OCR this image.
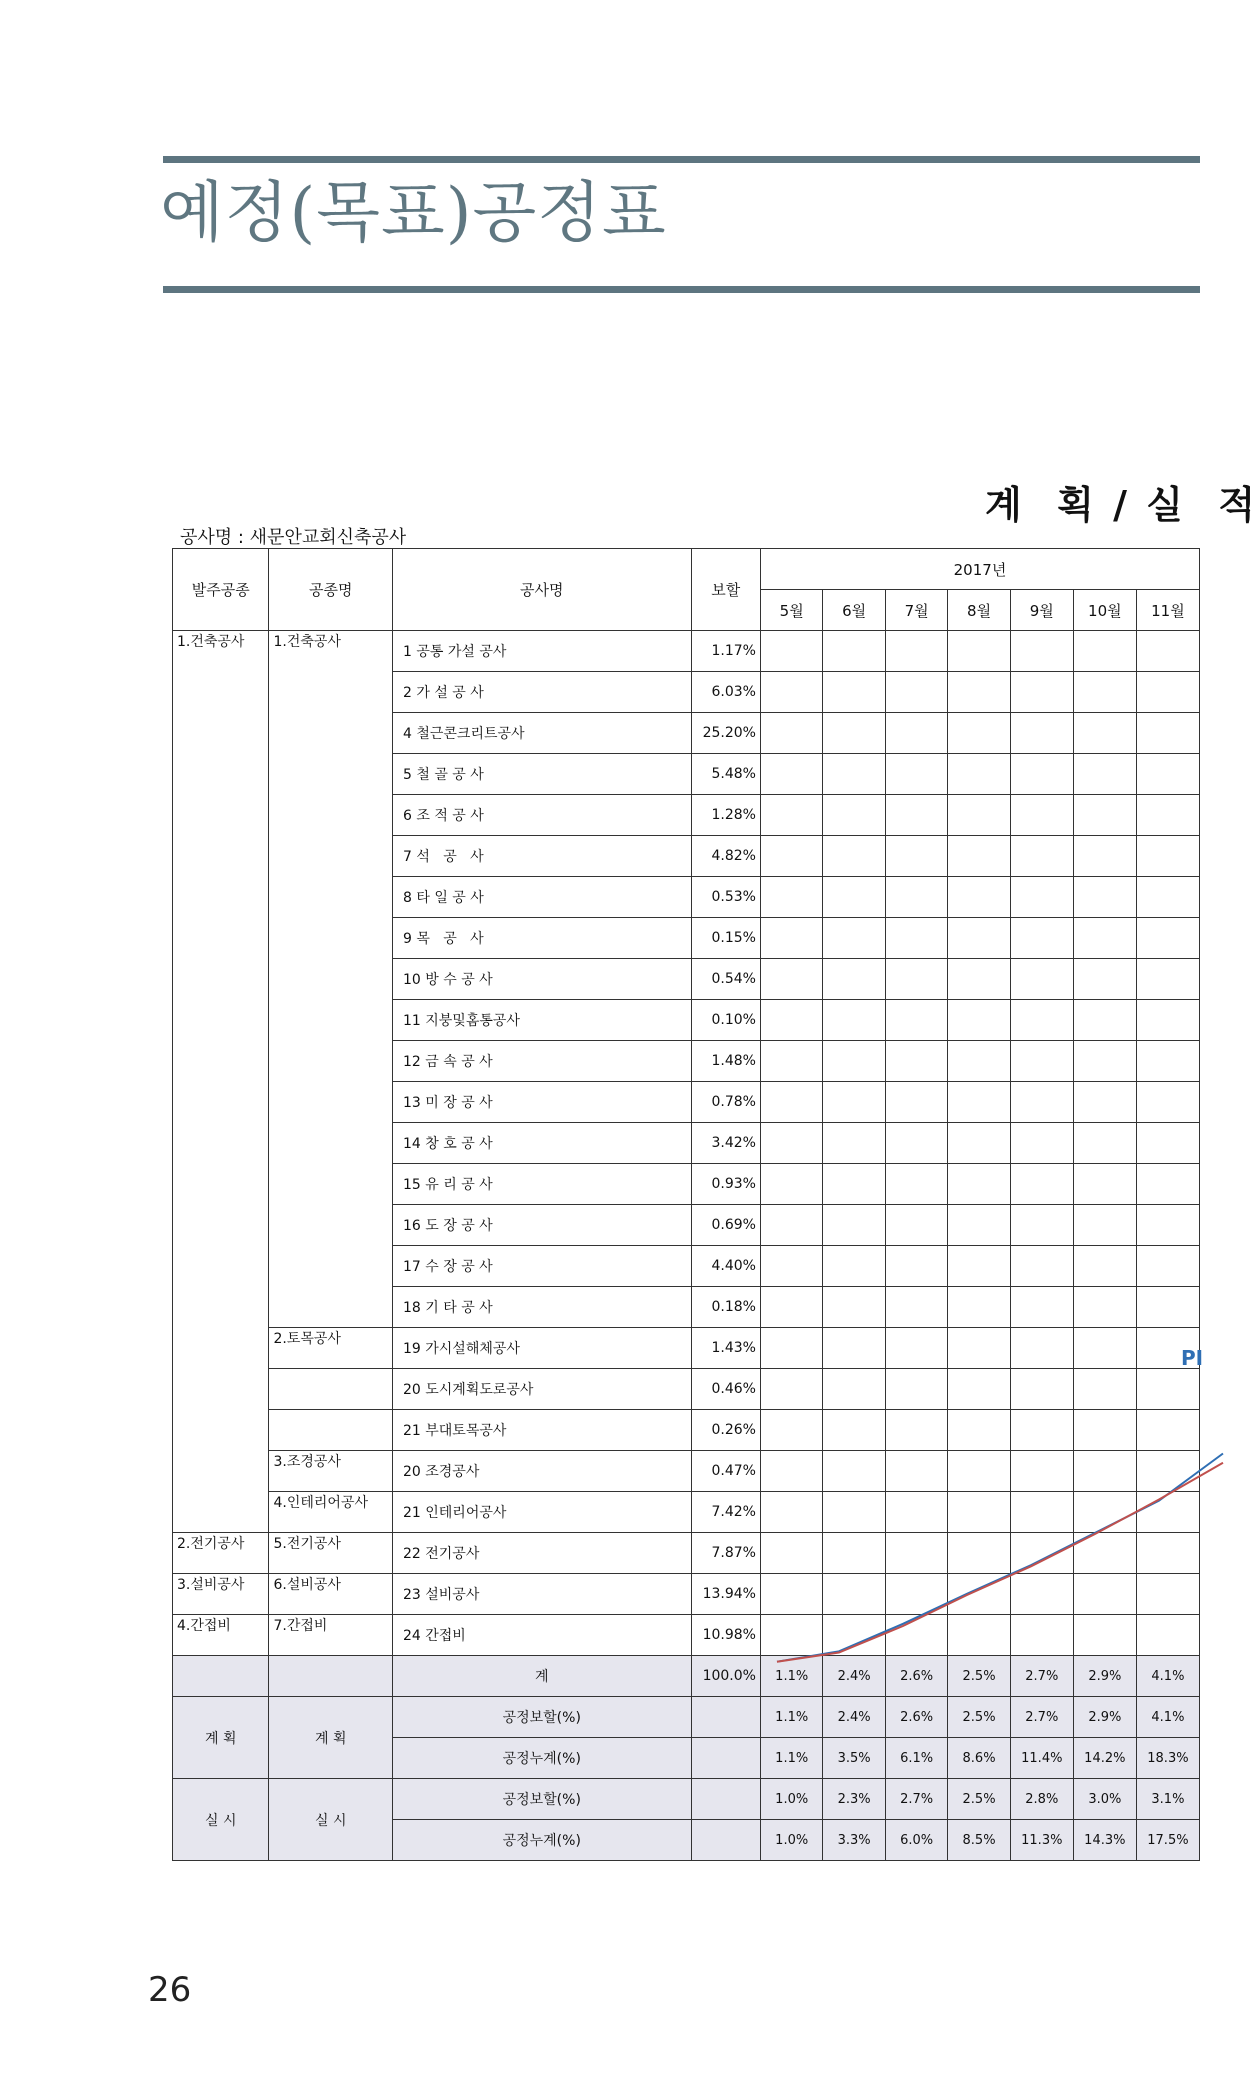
예정(목표)공정표
계  획 / 실  적
공사명 : 새문안교회신축공사
발주공종	공종명	공사명	보할	2017년						
				5월	6월	7월	8월	9월	10월	11월
1.건축공사	1.건축공사	1 공통 가설 공사	1.17%							
		2 가 설 공 사	6.03%							
		4 철근콘크리트공사	25.20%							
		5 철 골 공 사	5.48%							
		6 조 적 공 사	1.28%							
		7 석   공   사	4.82%							
		8 타 일 공 사	0.53%							
		9 목   공   사	0.15%							
		10 방 수 공 사	0.54%							
		11 지붕및홈통공사	0.10%							
		12 금 속 공 사	1.48%							
		13 미 장 공 사	0.78%							
		14 창 호 공 사	3.42%							
		15 유 리 공 사	0.93%							
		16 도 장 공 사	0.69%							
		17 수 장 공 사	4.40%							
		18 기 타 공 사	0.18%							
	2.토목공사	19 가시설해체공사	1.43%							
		20 도시계획도로공사	0.46%							
		21 부대토목공사	0.26%							
	3.조경공사	20 조경공사	0.47%							
	4.인테리어공사	21 인테리어공사	7.42%							
2.전기공사	5.전기공사	22 전기공사	7.87%							
3.설비공사	6.설비공사	23 설비공사	13.94%							
4.간접비	7.간접비	24 간접비	10.98%							
		계	100.0%	1.1%	2.4%	2.6%	2.5%	2.7%	2.9%	4.1%
계 획	계 획	공정보할(%)		1.1%	2.4%	2.6%	2.5%	2.7%	2.9%	4.1%
		공정누계(%)		1.1%	3.5%	6.1%	8.6%	11.4%	14.2%	18.3%
실 시	실 시	공정보할(%)		1.0%	2.3%	2.7%	2.5%	2.8%	3.0%	3.1%
		공정누계(%)		1.0%	3.3%	6.0%	8.5%	11.3%	14.3%	17.5%
PI
26
